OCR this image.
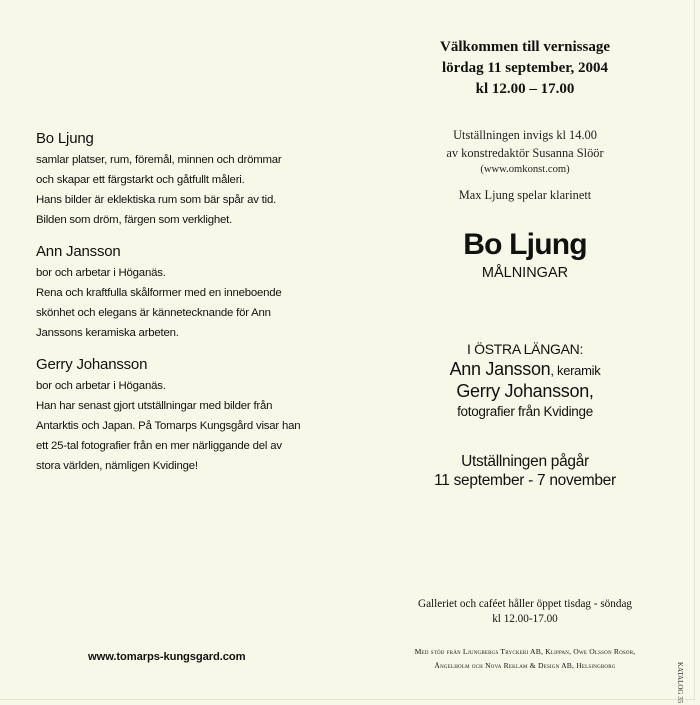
Bo Ljung
samlar platser, rum, föremål, minnen och drömmar
och skapar ett färgstarkt och gåtfullt måleri.
Hans bilder är eklektiska rum som bär spår av tid.
Bilden som dröm, färgen som verklighet.
Ann Jansson
bor och arbetar i Höganäs.
Rena och kraftfulla skålformer med en inneboende
skönhet och elegans är kännetecknande för Ann
Janssons keramiska arbeten.
Gerry Johansson
bor och arbetar i Höganäs.
Han har senast gjort utställningar med bilder från
Antarktis och Japan. På Tomarps Kungsgård visar han
ett 25-tal fotografier från en mer närliggande del av
stora världen, nämligen Kvidinge!
www.tomarps-kungsgard.com
Välkommen till vernissage
lördag 11 september, 2004
kl 12.00 – 17.00
Utställningen invigs kl 14.00
av konstredaktör Susanna Slöör
(www.omkonst.com)
Max Ljung spelar klarinett
Bo Ljung
MÅLNINGAR
I ÖSTRA LÄNGAN:
Ann Jansson, keramik
Gerry Johansson,
fotografier från Kvidinge
Utställningen pågår
11 september - 7 november
Galleriet och caféet håller öppet tisdag - söndag
kl 12.00-17.00
Med stöd från Ljungbergs Tryckeri AB, Klippan, Owe Olsson Rosor,
Ängelholm och Nova Reklam & Design AB, Helsingborg	KATALOG 35
